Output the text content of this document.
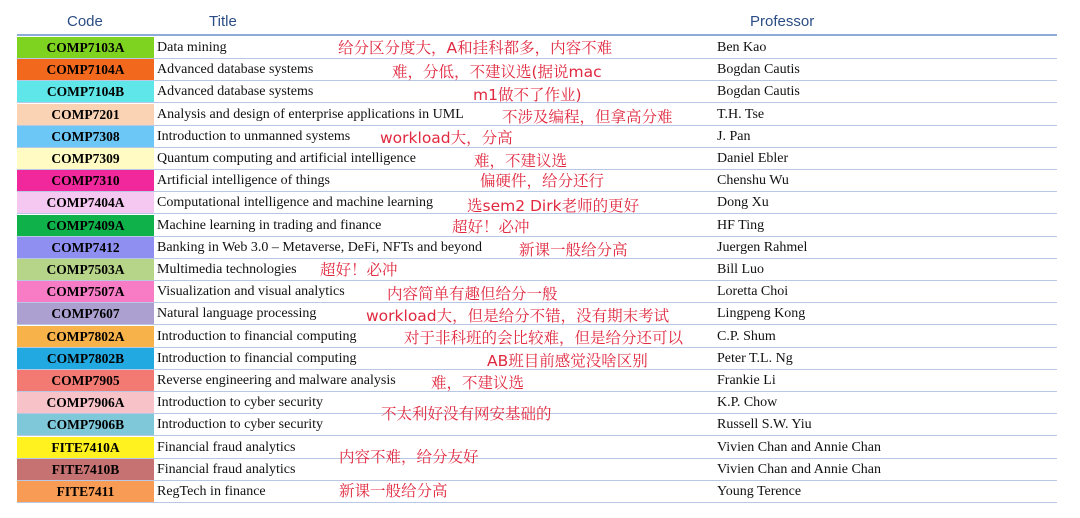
Code	Title	Professor
COMP7103A	Data mining	Ben Kao
COMP7104A	Advanced database systems	Bogdan Cautis
COMP7104B	Advanced database systems	Bogdan Cautis
COMP7201	Analysis and design of enterprise applications in UML	T.H. Tse
COMP7308	Introduction to unmanned systems	J. Pan
COMP7309	Quantum computing and artificial intelligence	Daniel Ebler
COMP7310	Artificial intelligence of things	Chenshu Wu
COMP7404A	Computational intelligence and machine learning	Dong Xu
COMP7409A	Machine learning in trading and finance	HF Ting
COMP7412	Banking in Web 3.0 – Metaverse, DeFi, NFTs and beyond	Juergen Rahmel
COMP7503A	Multimedia technologies	Bill Luo
COMP7507A	Visualization and visual analytics	Loretta Choi
COMP7607	Natural language processing	Lingpeng Kong
COMP7802A	Introduction to financial computing	C.P. Shum
COMP7802B	Introduction to financial computing	Peter T.L. Ng
COMP7905	Reverse engineering and malware analysis	Frankie Li
COMP7906A	Introduction to cyber security	K.P. Chow
COMP7906B	Introduction to cyber security	Russell S.W. Yiu
FITE7410A	Financial fraud analytics	Vivien Chan and Annie Chan
FITE7410B	Financial fraud analytics	Vivien Chan and Annie Chan
FITE7411	RegTech in finance	Young Terence
给分区分度大，A和挂科都多，内容不难
难，分低，不建议选(据说mac
m1做不了作业)
不涉及编程，但拿高分难
workload大，分高
难，不建议选
偏硬件，给分还行
选sem2 Dirk老师的更好
超好！必冲
新课一般给分高
超好！必冲
内容简单有趣但给分一般
workload大，但是给分不错，没有期末考试
对于非科班的会比较难，但是给分还可以
AB班目前感觉没啥区别
难，不建议选
不太利好没有网安基础的
内容不难，给分友好
新课一般给分高
